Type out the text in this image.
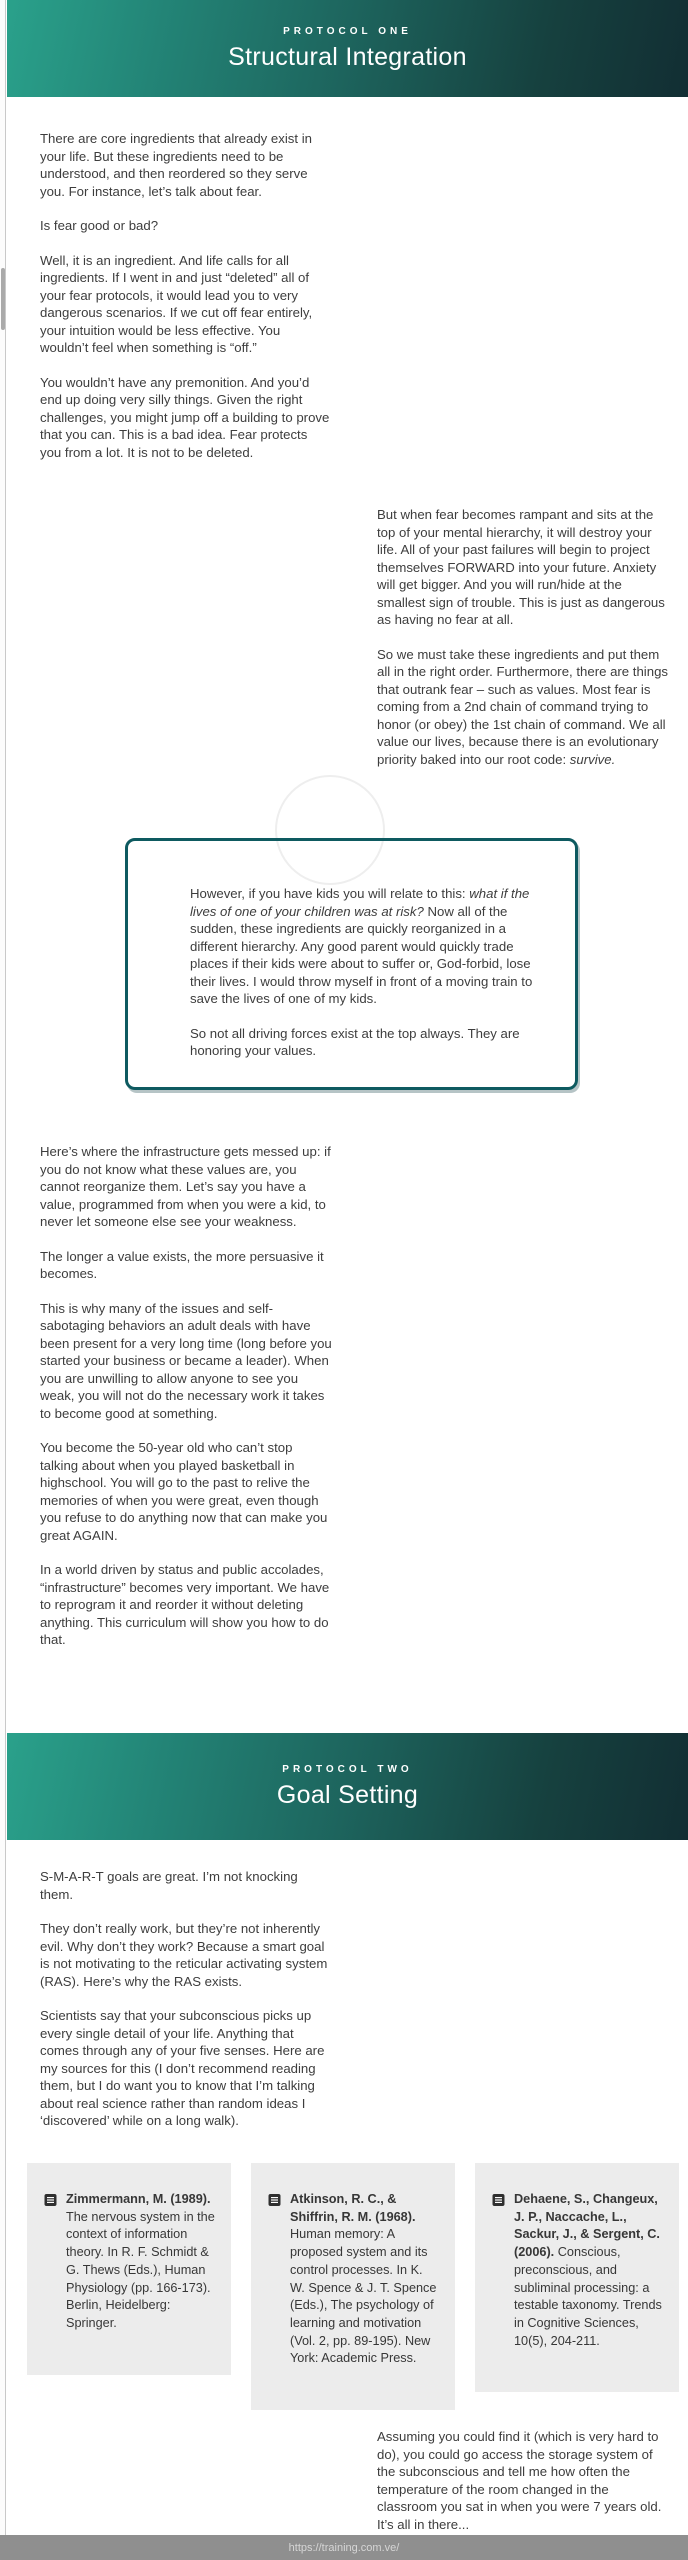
PROTOCOL ONE
Structural Integration

There are core ingredients that already exist in your life. But these ingredients need to be understood, and then reordered so they serve you. For instance, let’s talk about fear.

Is fear good or bad?

Well, it is an ingredient. And life calls for all ingredients. If I went in and just “deleted” all of your fear protocols, it would lead you to very dangerous scenarios. If we cut off fear entirely, your intuition would be less effective. You wouldn’t feel when something is “off.”

You wouldn’t have any premonition. And you’d end up doing very silly things. Given the right challenges, you might jump off a building to prove that you can. This is a bad idea. Fear protects you from a lot. It is not to be deleted.

But when fear becomes rampant and sits at the top of your mental hierarchy, it will destroy your life. All of your past failures will begin to project themselves FORWARD into your future. Anxiety will get bigger. And you will run/hide at the smallest sign of trouble. This is just as dangerous as having no fear at all.

So we must take these ingredients and put them all in the right order. Furthermore, there are things that outrank fear – such as values. Most fear is coming from a 2nd chain of command trying to honor (or obey) the 1st chain of command. We all value our lives, because there is an evolutionary priority baked into our root code: survive.

However, if you have kids you will relate to this: what if the lives of one of your children was at risk? Now all of the sudden, these ingredients are quickly reorganized in a different hierarchy. Any good parent would quickly trade places if their kids were about to suffer or, God-forbid, lose their lives. I would throw myself in front of a moving train to save the lives of one of my kids.

So not all driving forces exist at the top always. They are honoring your values.

Here’s where the infrastructure gets messed up: if you do not know what these values are, you cannot reorganize them. Let’s say you have a value, programmed from when you were a kid, to never let someone else see your weakness.

The longer a value exists, the more persuasive it becomes.

This is why many of the issues and self-sabotaging behaviors an adult deals with have been present for a very long time (long before you started your business or became a leader). When you are unwilling to allow anyone to see you weak, you will not do the necessary work it takes to become good at something.

You become the 50-year old who can’t stop talking about when you played basketball in highschool. You will go to the past to relive the memories of when you were great, even though you refuse to do anything now that can make you great AGAIN.

In a world driven by status and public accolades, “infrastructure” becomes very important. We have to reprogram it and reorder it without deleting anything. This curriculum will show you how to do that.

PROTOCOL TWO
Goal Setting

S-M-A-R-T goals are great. I’m not knocking them.

They don’t really work, but they’re not inherently evil. Why don’t they work? Because a smart goal is not motivating to the reticular activating system (RAS). Here’s why the RAS exists.

Scientists say that your subconscious picks up every single detail of your life. Anything that comes through any of your five senses. Here are my sources for this (I don’t recommend reading them, but I do want you to know that I’m talking about real science rather than random ideas I ‘discovered’ while on a long walk).

Zimmermann, M. (1989). The nervous system in the context of information theory. In R. F. Schmidt & G. Thews (Eds.), Human Physiology (pp. 166-173). Berlin, Heidelberg: Springer.
Atkinson, R. C., & Shiffrin, R. M. (1968). Human memory: A proposed system and its control processes. In K. W. Spence & J. T. Spence (Eds.), The psychology of learning and motivation (Vol. 2, pp. 89-195). New York: Academic Press.
Dehaene, S., Changeux, J. P., Naccache, L., Sackur, J., & Sergent, C. (2006). Conscious, preconscious, and subliminal processing: a testable taxonomy. Trends in Cognitive Sciences, 10(5), 204-211.

Assuming you could find it (which is very hard to do), you could go access the storage system of the subconscious and tell me how often the temperature of the room changed in the classroom you sat in when you were 7 years old. It’s all in there...

https://training.com.ve/
